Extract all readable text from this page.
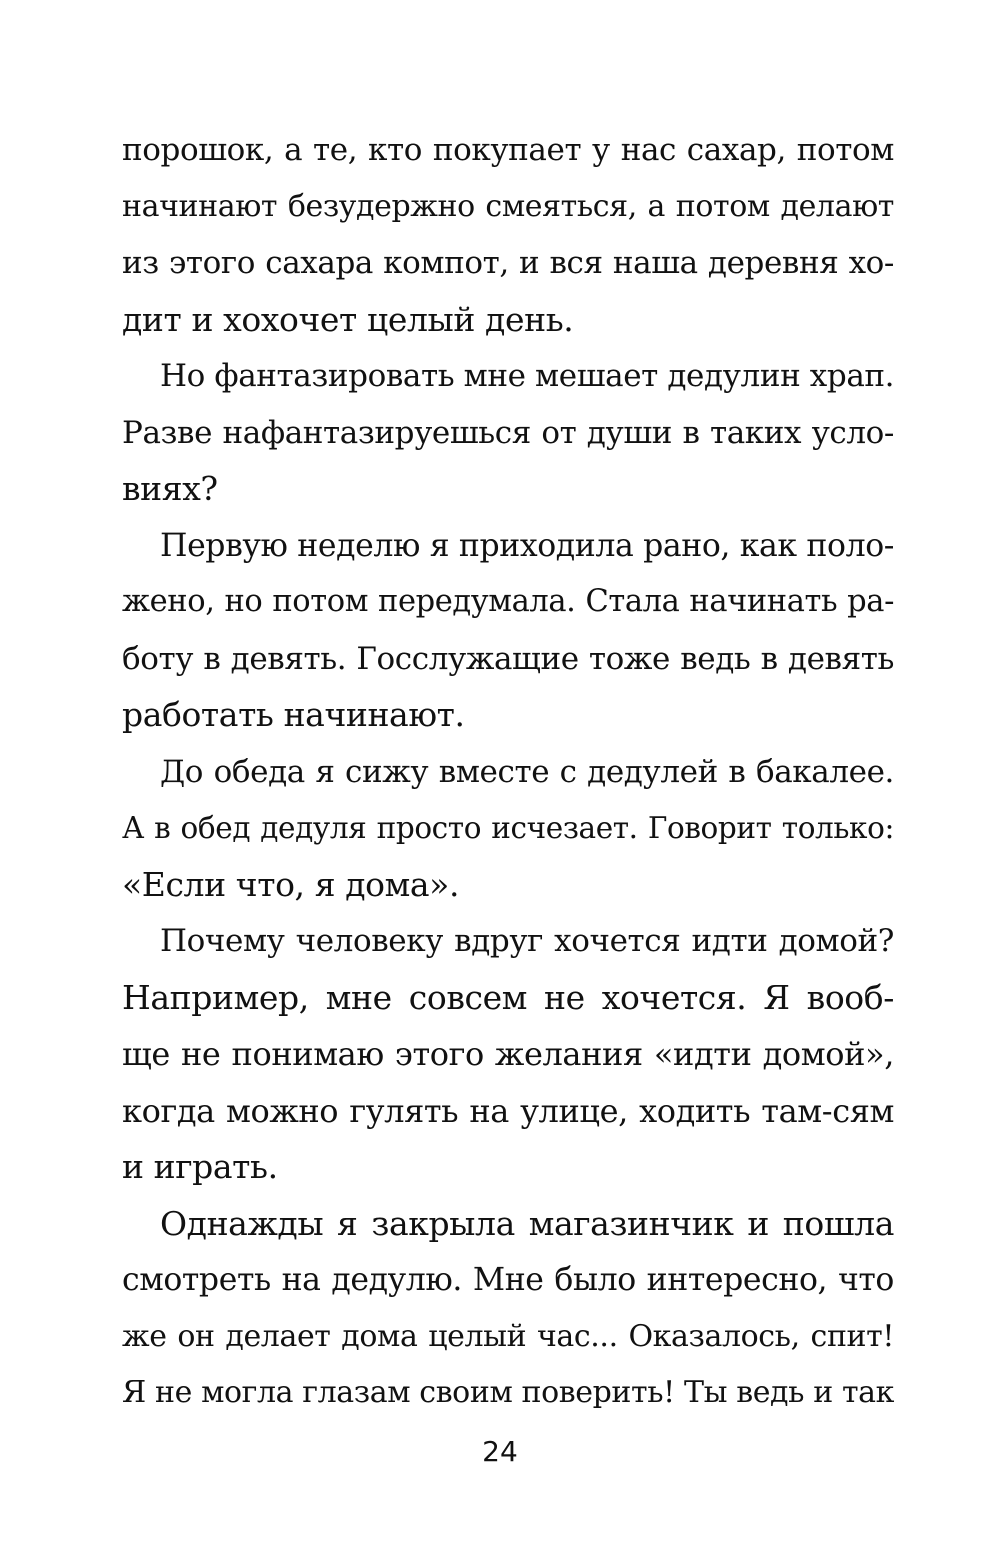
порошок, а те, кто покупает у нас сахар, потом
начинают безудержно смеяться, а потом делают
из этого сахара компот, и вся наша деревня хо-
дит и хохочет целый день.
Но фантазировать мне мешает дедулин храп.
Разве нафантазируешься от души в таких усло-
виях?
Первую неделю я приходила рано, как поло-
жено, но потом передумала. Стала начинать ра-
боту в девять. Госслужащие тоже ведь в девять
работать начинают.
До обеда я сижу вместе с дедулей в бакалее.
А в обед дедуля просто исчезает. Говорит только:
«Если что, я дома».
Почему человеку вдруг хочется идти домой?
Например, мне совсем не хочется. Я вооб-
ще не понимаю этого желания «идти домой»,
когда можно гулять на улице, ходить там-сям
и играть.
Однажды я закрыла магазинчик и пошла
смотреть на дедулю. Мне было интересно, что
же он делает дома целый час... Оказалось, спит!
Я не могла глазам своим поверить! Ты ведь и так
24
